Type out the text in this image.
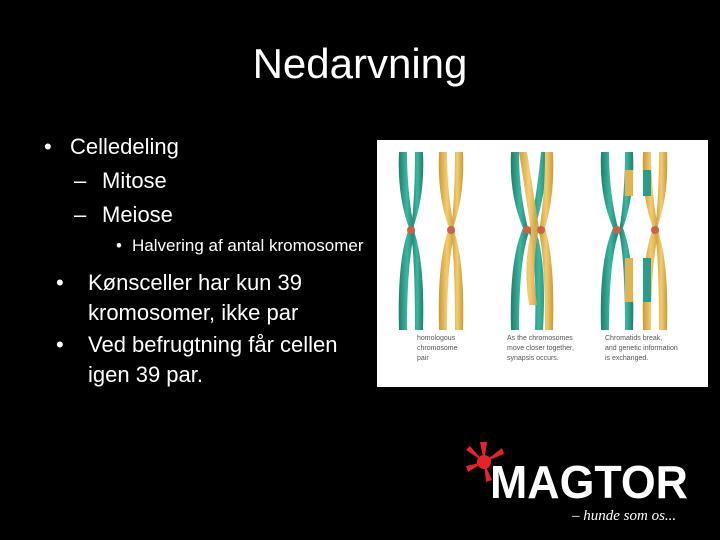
Nedarvning
• Celledeling
– Mitose
– Meiose
• Halvering af antal kromosomer
• Kønsceller har kun 39 kromosomer, ikke par
• Ved befrugtning får cellen igen 39 par.
homologous
chromosome
pair
As the chromosomes
move closer together,
synapsis occurs.
Chromatids break,
and genetic information
is exchanged.
MAGTOR
– hunde som os...
